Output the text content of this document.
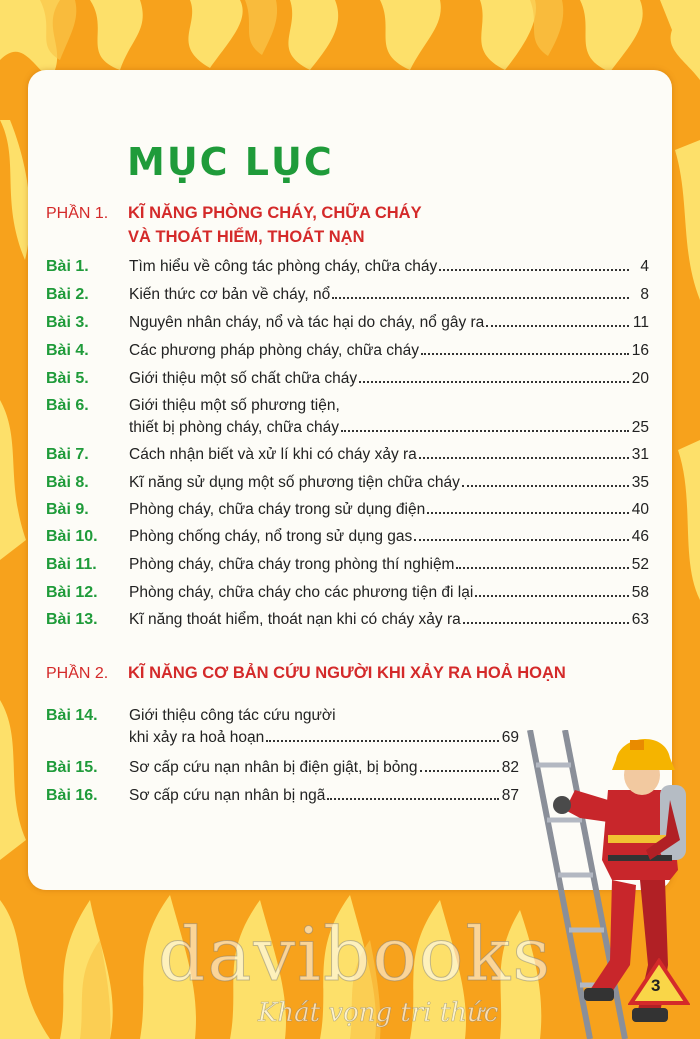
MỤC LỤC
PHẦN 1. KĨ NĂNG PHÒNG CHÁY, CHỮA CHÁY
VÀ THOÁT HIỂM, THOÁT NẠN
Bài 1.	Tìm hiểu về công tác phòng cháy, chữa cháy	4
Bài 2.	Kiến thức cơ bản về cháy, nổ	8
Bài 3.	Nguyên nhân cháy, nổ và tác hại do cháy, nổ gây ra	11
Bài 4.	Các phương pháp phòng cháy, chữa cháy	16
Bài 5.	Giới thiệu một số chất chữa cháy	20
Bài 6.	Giới thiệu một số phương tiện,
thiết bị phòng cháy, chữa cháy	25
Bài 7.	Cách nhận biết và xử lí khi có cháy xảy ra	31
Bài 8.	Kĩ năng sử dụng một số phương tiện chữa cháy	35
Bài 9.	Phòng cháy, chữa cháy trong sử dụng điện	40
Bài 10. Phòng chống cháy, nổ trong sử dụng gas	46
Bài 11. Phòng cháy, chữa cháy trong phòng thí nghiệm	52
Bài 12. Phòng cháy, chữa cháy cho các phương tiện đi lại	58
Bài 13. Kĩ năng thoát hiểm, thoát nạn khi có cháy xảy ra	63
PHẦN 2. KĨ NĂNG CƠ BẢN CỨU NGƯỜI KHI XẢY RA HOẢ HOẠN
Bài 14. Giới thiệu công tác cứu người
khi xảy ra hoả hoạn	69
Bài 15. Sơ cấp cứu nạn nhân bị điện giật, bị bỏng	82
Bài 16. Sơ cấp cứu nạn nhân bị ngã	87
3
davibooks
Khát vọng tri thức
